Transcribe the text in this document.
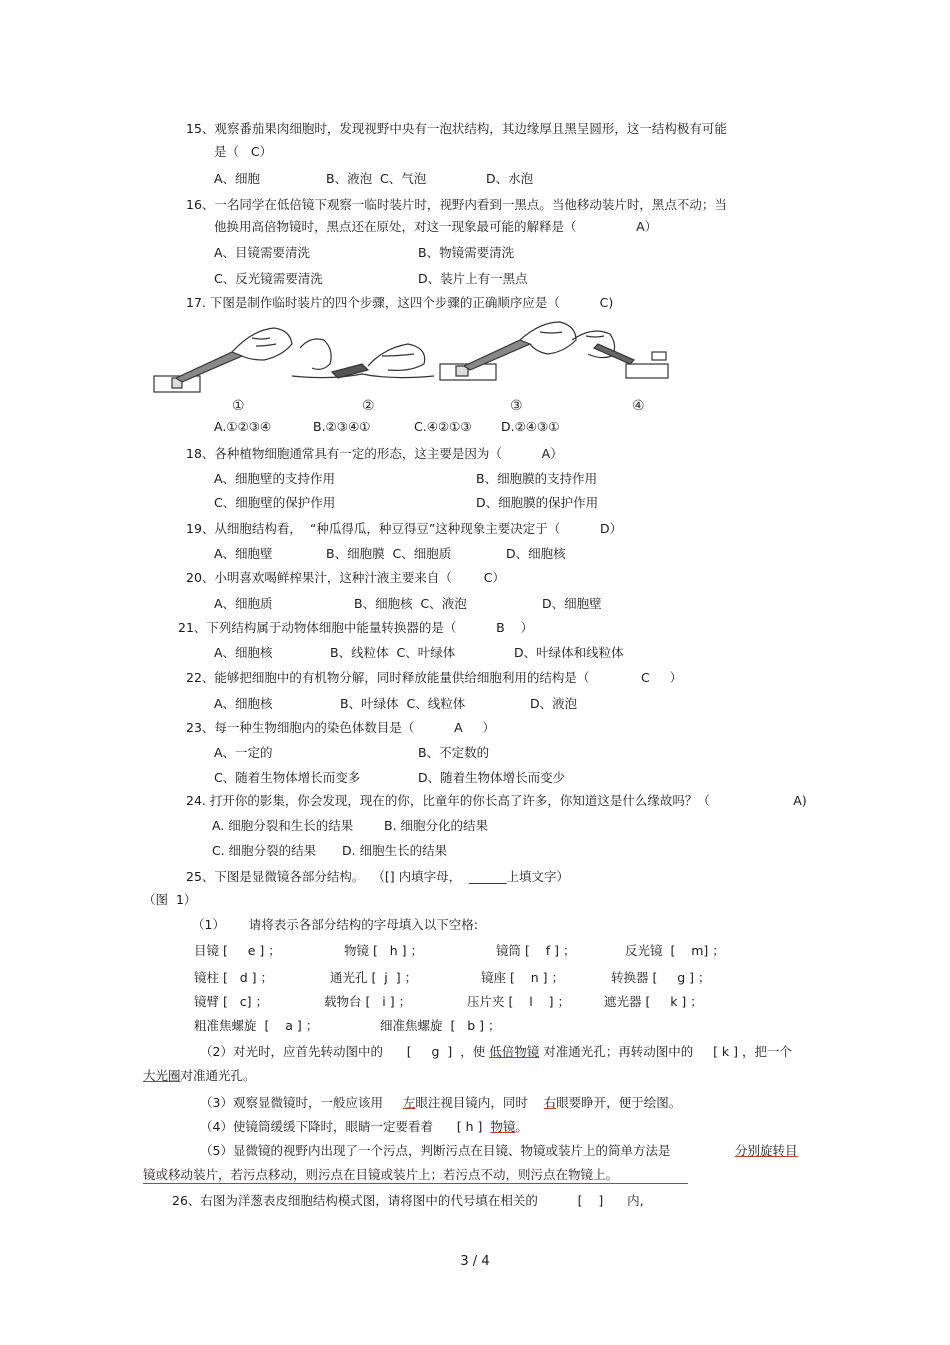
15、观察番茄果肉细胞时，发现视野中央有一泡状结构，其边缘厚且黑呈圆形，这一结构极有可能
是（   C）
A、细胞	B、液泡  C、气泡	D、水泡
16、一名同学在低倍镜下观察一临时装片时，视野内看到一黑点。当他移动装片时，黑点不动；当
他换用高倍物镜时，黑点还在原处，对这一现象最可能的解释是（               A）
A、目镜需要清洗	B、物镜需要清洗
C、反光镜需要清洗	D、装片上有一黑点
17. 下图是制作临时装片的四个步骤，这四个步骤的正确顺序应是（          C)
①	②	③	④
A.①②③④	B.②③④①	C.④②①③ D.②④③①
18、各种植物细胞通常具有一定的形态，这主要是因为（          A）
A、细胞壁的支持作用	B、细胞膜的支持作用
C、细胞壁的保护作用	D、细胞膜的保护作用
19、从细胞结构看，  “种瓜得瓜，种豆得豆”这种现象主要决定于（          D）
A、细胞壁	B、细胞膜  C、细胞质	D、细胞核
20、小明喜欢喝鲜榨果汁，这种汁液主要来自（        C）
A、细胞质	B、细胞核  C、液泡	D、细胞壁
21、下列结构属于动物体细胞中能量转换器的是（          B    ）
A、细胞核	B、线粒体  C、叶绿体	D、叶绿体和线粒体
22、能够把细胞中的有机物分解，同时释放能量供给细胞利用的结构是（             C     ）
A、细胞核	B、叶绿体  C、线粒体	D、液泡
23、每一种生物细胞内的染色体数目是（          A     ）
A、一定的	B、不定数的
C、随着生物体增长而变多	D、随着生物体增长而变少
24. 打开你的影集，你会发现，现在的你，比童年的你长高了许多，你知道这是什么缘故吗？（                     A)
A. 细胞分裂和生长的结果 B. 细胞分化的结果
C. 细胞分裂的结果 D. 细胞生长的结果
25、下图是显微镜各部分结构。  （[] 内填字母，  ______上填文字）
（图  1）
（1）      请将表示各部分结构的字母填入以下空格:
目镜 [     e ] ；	物镜 [   h ] ；	镜筒 [    f ] ；	反光镜  [    m] ；
镜柱 [   d ] ；	通光孔 [  j  ] ；	镜座 [    n ] ；	转换器 [     g ] ；
镜臂 [   c] ；	载物台 [   i ] ；	压片夹 [    l    ] ；	遮光器 [     k ] ；
粗准焦螺旋  [    a ] ；	细准焦螺旋  [   b ] ；
（2）对光时，应首先转动图中的      [     g  ]  ，使 低倍物镜 对准通光孔；再转动图中的     [ k ] ，把一个
大光圈对准通光孔。
（3）观察显微镜时，一般应该用     左眼注视目镜内，同时    右眼要睁开，便于绘图。
（4）使镜筒缓缓下降时，眼睛一定要看着      [ h ]  物镜。
（5）显微镜的视野内出现了一个污点，判断污点在目镜、物镜或装片上的简单方法是	分别旋转目
镜或移动装片，若污点移动，则污点在目镜或装片上；若污点不动，则污点在物镜上。
26、右图为洋葱表皮细胞结构模式图，请将图中的代号填在相关的          [    ]      内,
3 / 4
